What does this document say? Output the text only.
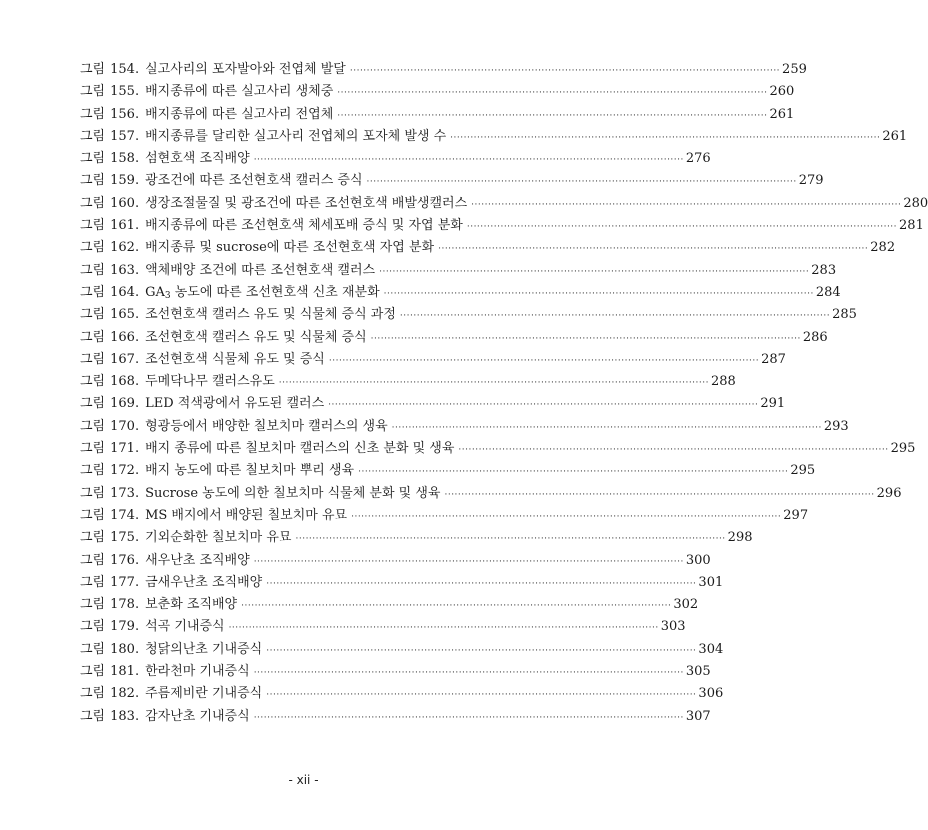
그림 154. 실고사리의 포자발아와 전엽체 발달 ·····	259
그림 155. 배지종류에 따른 실고사리 생체중 ·····	260
그림 156. 배지종류에 따른 실고사리 전엽체 ·····	261
그림 157. 배지종류를 달리한 실고사리 전엽체의 포자체 발생 수 ·····	261
그림 158. 섬현호색 조직배양 ·····	276
그림 159. 광조건에 따른 조선현호색 캘러스 증식 ·····	279
그림 160. 생장조절물질 및 광조건에 따른 조선현호색 배발생캘러스 ·····	280
그림 161. 배지종류에 따른 조선현호색 체세포배 증식 및 자엽 분화 ·····	281
그림 162. 배지종류 및 sucrose에 따른 조선현호색 자엽 분화 ·····	282
그림 163. 액체배양 조건에 따른 조선현호색 캘러스 ·····	283
그림 164. $GA_3$ 농도에 따른 조선현호색 신초 재분화 ·····	284
그림 165. 조선현호색 캘러스 유도 및 식물체 증식 과정 ·····	285
그림 166. 조선현호색 캘러스 유도 및 식물체 증식 ·····	286
그림 167. 조선현호색 식물체 유도 및 증식 ·····	287
그림 168. 두메닥나무 캘러스유도 ·····	288
그림 169. LED 적색광에서 유도된 캘러스 ·····	291
그림 170. 형광등에서 배양한 칠보치마 캘러스의 생육 ·····	293
그림 171. 배지 종류에 따른 칠보치마 캘러스의 신초 분화 및 생육 ·····	295
그림 172. 배지 농도에 따른 칠보치마 뿌리 생육 ·····	295
그림 173. Sucrose 농도에 의한 칠보치마 식물체 분화 및 생육 ·····	296
그림 174. MS 배지에서 배양된 칠보치마 유묘 ·····	297
그림 175. 기외순화한 칠보치마 유묘 ·····	298
그림 176. 새우난초 조직배양 ·····	300
그림 177. 금새우난초 조직배양 ·····	301
그림 178. 보춘화 조직배양 ·····	302
그림 179. 석곡 기내증식 ·····	303
그림 180. 청닭의난초 기내증식 ·····	304
그림 181. 한라천마 기내증식 ·····	305
그림 182. 주름제비란 기내증식 ·····	306
그림 183. 감자난초 기내증식 ·····	307
- xii -
